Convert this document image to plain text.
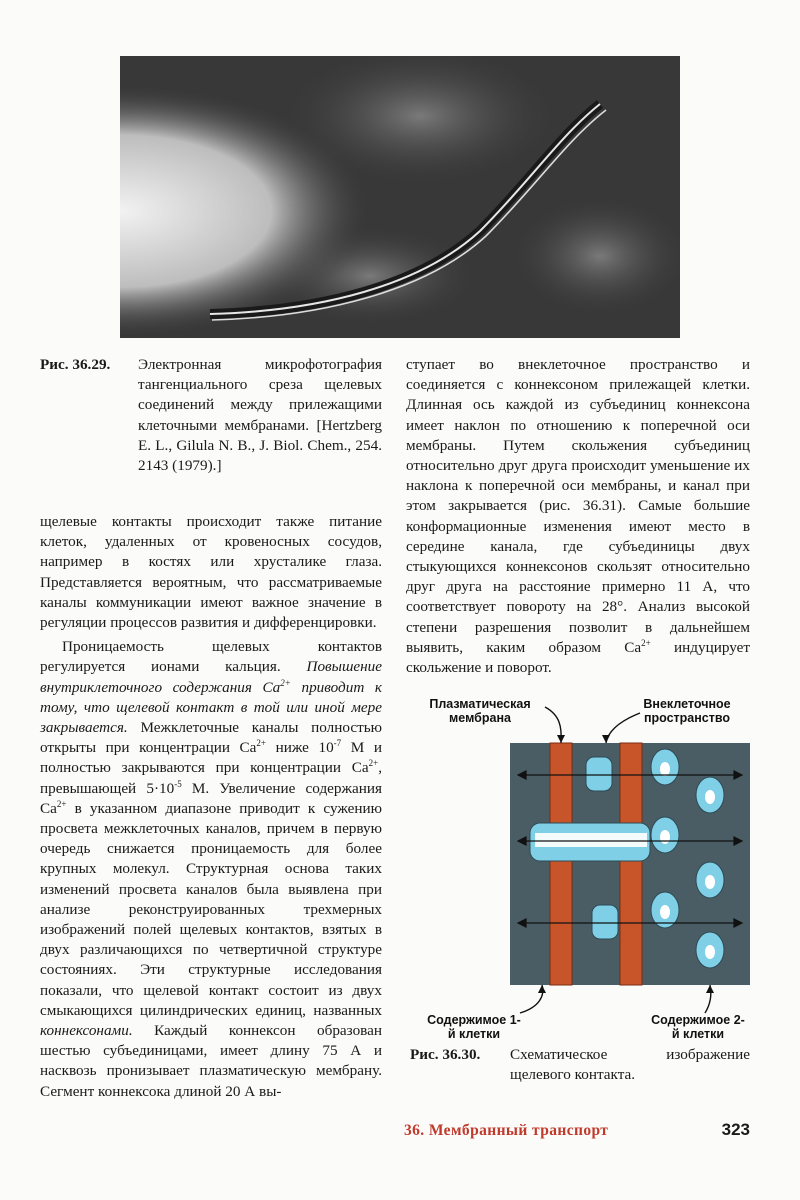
Рис. 36.29. Электронная микрофотография тангенциального среза щелевых соединений между прилежащими клеточными мембранами. [Hertzberg E. L., Gilula N. B., J. Biol. Chem., 254. 2143 (1979).]

щелевые контакты происходит также питание клеток, удаленных от кровеносных сосудов, например в костях или хрусталике глаза. Представляется вероятным, что рассматриваемые каналы коммуникации имеют важное значение в регуляции процессов развития и дифференцировки.

Проницаемость щелевых контактов регулируется ионами кальция. Повышение внутриклеточного содержания $Ca^{2+}$ приводит к тому, что щелевой контакт в той или иной мере закрывается. Межклеточные каналы полностью открыты при концентрации $Ca^{2+}$ ниже $10^{-7}$ М и полностью закрываются при концентрации $Ca^{2+}$, превышающей $5\cdot 10^{-5}$ М. Увеличение содержания $Ca^{2+}$ в указанном диапазоне приводит к сужению просвета межклеточных каналов, причем в первую очередь снижается проницаемость для более крупных молекул. Структурная основа таких изменений просвета каналов была выявлена при анализе реконструированных трехмерных изображений полей щелевых контактов, взятых в двух различающихся по четвертичной структуре состояниях. Эти структурные исследования показали, что щелевой контакт состоит из двух смыкающихся цилиндрических единиц, названных коннексонами. Каждый коннексон образован шестью субъединицами, имеет длину 75 А и насквозь пронизывает плазматическую мембрану. Сегмент коннексока длиной 20 А вы-

ступает во внеклеточное пространство и соединяется с коннексоном прилежащей клетки. Длинная ось каждой из субъединиц коннексона имеет наклон по отношению к поперечной оси мембраны. Путем скольжения субъединиц относительно друг друга происходит уменьшение их наклона к поперечной оси мембраны, и канал при этом закрывается (рис. 36.31). Самые большие конформационные изменения имеют место в середине канала, где субъединицы двух стыкующихся коннексонов скользят относительно друг друга на расстояние примерно 11 А, что соответствует повороту на 28°. Анализ высокой степени разрешения позволит в дальнейшем выявить, каким образом $Ca^{2+}$ индуцирует скольжение и поворот.

Плазматическая мембрана
Внеклеточное пространство
Содержимое 1-й клетки
Содержимое 2-й клетки
Рис. 36.30. Схематическое изображение щелевого контакта.
36. Мембранный транспорт	323
